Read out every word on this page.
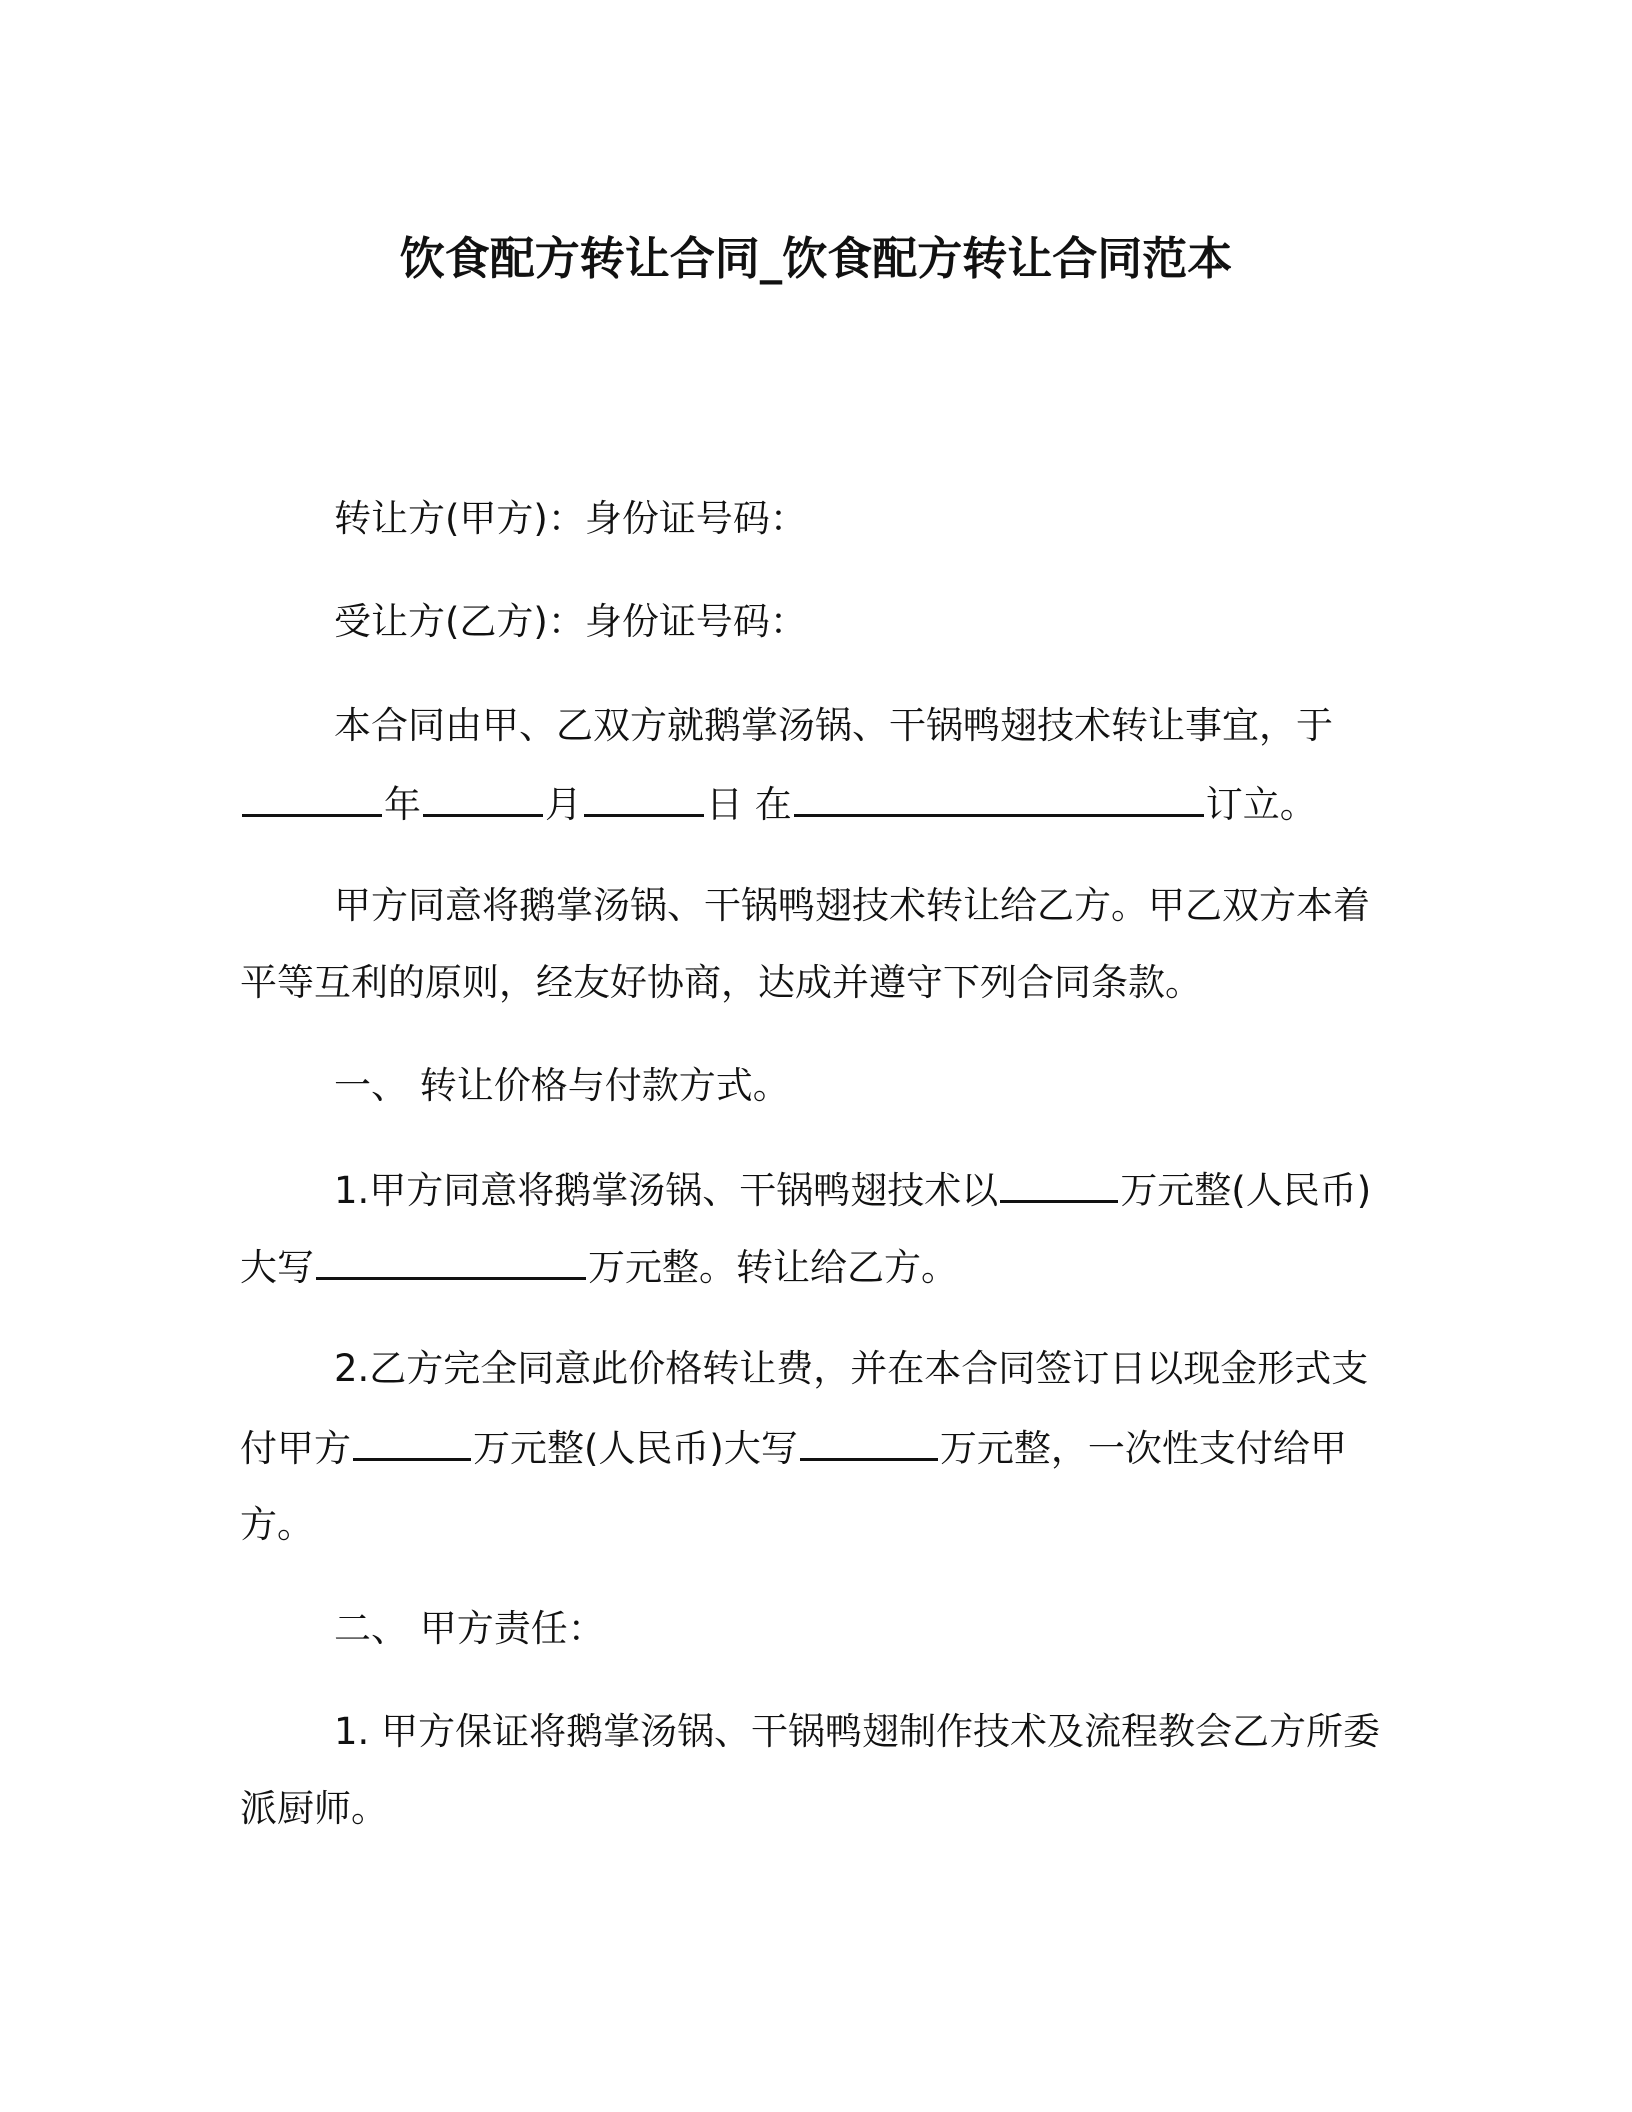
饮食配方转让合同_饮食配方转让合同范本
转让方(甲方)：身份证号码：
受让方(乙方)：身份证号码：
本合同由甲、乙双方就鹅掌汤锅、干锅鸭翅技术转让事宜，于
年	月	日 在	订立。
甲方同意将鹅掌汤锅、干锅鸭翅技术转让给乙方。甲乙双方本着
平等互利的原则，经友好协商，达成并遵守下列合同条款。
一、 转让价格与付款方式。
1.甲方同意将鹅掌汤锅、干锅鸭翅技术以	万元整(人民币)
大写	万元整。转让给乙方。
2.乙方完全同意此价格转让费，并在本合同签订日以现金形式支
付甲方	万元整(人民币)大写	万元整，一次性支付给甲
方。
二、 甲方责任：
1. 甲方保证将鹅掌汤锅、干锅鸭翅制作技术及流程教会乙方所委
派厨师。
